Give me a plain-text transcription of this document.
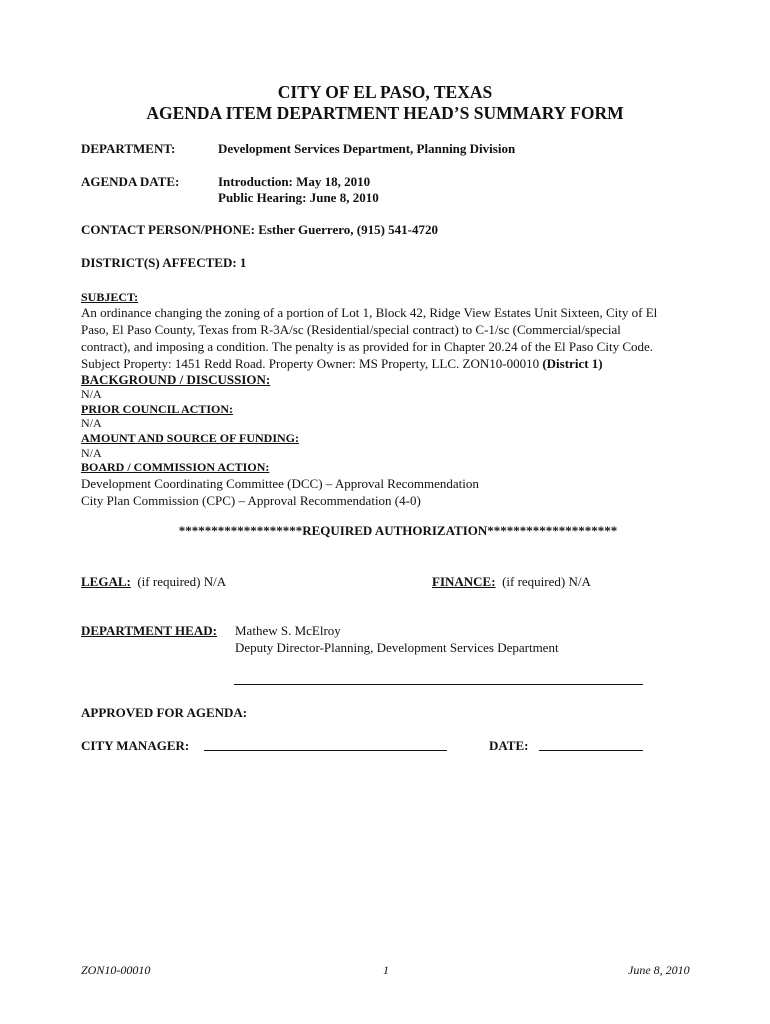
CITY OF EL PASO, TEXAS
AGENDA ITEM DEPARTMENT HEAD’S SUMMARY FORM
DEPARTMENT:	Development Services Department, Planning Division
AGENDA DATE:	Introduction: May 18, 2010
Public Hearing: June 8, 2010
CONTACT PERSON/PHONE: Esther Guerrero, (915) 541-4720
DISTRICT(S) AFFECTED: 1
SUBJECT:
An ordinance changing the zoning of a portion of Lot 1, Block 42, Ridge View Estates Unit Sixteen, City of El
Paso, El Paso County, Texas from R-3A/sc (Residential/special contract) to C-1/sc (Commercial/special
contract), and imposing a condition. The penalty is as provided for in Chapter 20.24 of the El Paso City Code.
Subject Property: 1451 Redd Road. Property Owner: MS Property, LLC. ZON10-00010 (District 1)
BACKGROUND / DISCUSSION:
N/A
PRIOR COUNCIL ACTION:
N/A
AMOUNT AND SOURCE OF FUNDING:
N/A
BOARD / COMMISSION ACTION:
Development Coordinating Committee (DCC) – Approval Recommendation
City Plan Commission (CPC) – Approval Recommendation (4-0)
*******************REQUIRED AUTHORIZATION********************
LEGAL: (if required) N/A	FINANCE: (if required) N/A
DEPARTMENT HEAD: Mathew S. McElroy
Deputy Director-Planning, Development Services Department
APPROVED FOR AGENDA:
CITY MANAGER:	DATE:
ZON10-00010	1	June 8, 2010
